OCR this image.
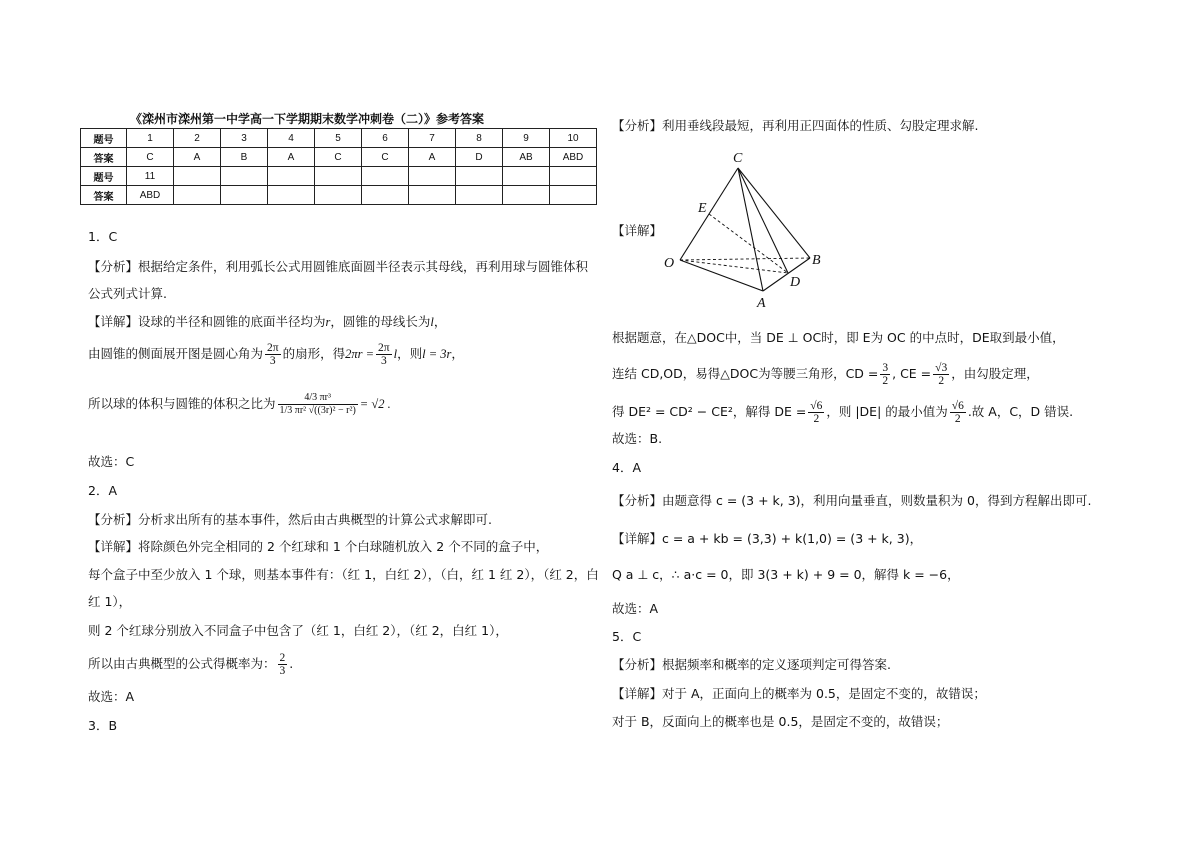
《滦州市滦州第一中学高一下学期期末数学冲刺卷（二）》参考答案
题号	1	2	3	4	5	6	7	8	9	10
答案	C	A	B	A	C	C	A	D	AB	ABD
题号	11									
答案	ABD									
1．C
【分析】根据给定条件，利用弧长公式用圆锥底面圆半径表示其母线，再利用球与圆锥体积
公式列式计算.
【详解】设球的半径和圆锥的底面半径均为r，圆锥的母线长为l，
由圆锥的侧面展开图是圆心角为 $\frac{2\pi}{3}$ 的扇形，得$2\pi r = \frac{2\pi}{3}$ l，则l = 3r，
所以球的体积与圆锥的体积之比为 $\frac{\text{4/3 πr³}}{\text{1/3 πr² √((3r)² − r²)}} = √2$ .
故选：C
2．A
【分析】分析求出所有的基本事件，然后由古典概型的计算公式求解即可.
【详解】将除颜色外完全相同的 2 个红球和 1 个白球随机放入 2 个不同的盒子中，
每个盒子中至少放入 1 个球，则基本事件有：（红 1，白红 2），（白，红 1 红 2），（红 2，白
红 1），
则 2 个红球分别放入不同盒子中包含了（红 1，白红 2），（红 2，白红 1），
所以由古典概型的公式得概率为： $\frac{2}{3}$ .
故选：A
3．B
【分析】利用垂线段最短，再利用正四面体的性质、勾股定理求解.
【详解】
C
E
O	B
D
A
根据题意，在△DOC中，当 DE ⊥ OC时，即 E为 OC 的中点时，DE取到最小值，
连结 CD,OD，易得△DOC为等腰三角形，CD = $\frac{3}{2}$ , CE = $\frac{√3}{2}$ ，由勾股定理，
得 DE² = CD² − CE²，解得 DE = $\frac{√6}{2}$ ，则 |DE| 的最小值为 $\frac{√6}{2}$ .故 A，C，D 错误.
故选：B.
4．A
【分析】由题意得 c = (3 + k, 3)，利用向量垂直，则数量积为 0，得到方程解出即可.
【详解】c = a + kb = (3,3) + k(1,0) = (3 + k, 3)，
Q a ⊥ c，∴ a·c = 0，即 3(3 + k) + 9 = 0，解得 k = −6，
故选：A
5．C
【分析】根据频率和概率的定义逐项判定可得答案.
【详解】对于 A，正面向上的概率为 0.5，是固定不变的，故错误；
对于 B，反面向上的概率也是 0.5，是固定不变的，故错误；
